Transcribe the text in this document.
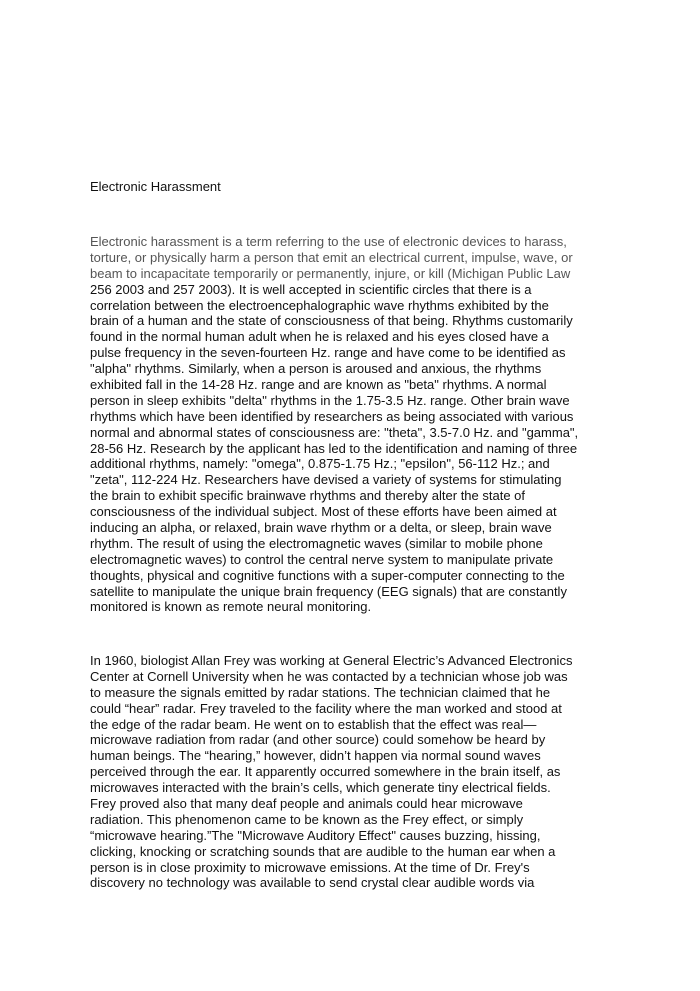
Electronic Harassment
Electronic harassment is a term referring to the use of electronic devices to harass,
torture, or physically harm a person that emit an electrical current, impulse, wave, or
beam to incapacitate temporarily or permanently, injure, or kill (Michigan Public Law
256 2003 and 257 2003). It is well accepted in scientific circles that there is a
correlation between the electroencephalographic wave rhythms exhibited by the
brain of a human and the state of consciousness of that being. Rhythms customarily
found in the normal human adult when he is relaxed and his eyes closed have a
pulse frequency in the seven-fourteen Hz. range and have come to be identified as
"alpha" rhythms. Similarly, when a person is aroused and anxious, the rhythms
exhibited fall in the 14-28 Hz. range and are known as "beta" rhythms. A normal
person in sleep exhibits "delta" rhythms in the 1.75-3.5 Hz. range. Other brain wave
rhythms which have been identified by researchers as being associated with various
normal and abnormal states of consciousness are: "theta", 3.5-7.0 Hz. and "gamma",
28-56 Hz. Research by the applicant has led to the identification and naming of three
additional rhythms, namely: "omega", 0.875-1.75 Hz.; "epsilon", 56-112 Hz.; and
"zeta", 112-224 Hz. Researchers have devised a variety of systems for stimulating
the brain to exhibit specific brainwave rhythms and thereby alter the state of
consciousness of the individual subject. Most of these efforts have been aimed at
inducing an alpha, or relaxed, brain wave rhythm or a delta, or sleep, brain wave
rhythm. The result of using the electromagnetic waves (similar to mobile phone
electromagnetic waves) to control the central nerve system to manipulate private
thoughts, physical and cognitive functions with a super-computer connecting to the
satellite to manipulate the unique brain frequency (EEG signals) that are constantly
monitored is known as remote neural monitoring.
In 1960, biologist Allan Frey was working at General Electric’s Advanced Electronics
Center at Cornell University when he was contacted by a technician whose job was
to measure the signals emitted by radar stations. The technician claimed that he
could “hear” radar. Frey traveled to the facility where the man worked and stood at
the edge of the radar beam. He went on to establish that the effect was real—
microwave radiation from radar (and other source) could somehow be heard by
human beings. The “hearing,” however, didn’t happen via normal sound waves
perceived through the ear. It apparently occurred somewhere in the brain itself, as
microwaves interacted with the brain’s cells, which generate tiny electrical fields.
Frey proved also that many deaf people and animals could hear microwave
radiation. This phenomenon came to be known as the Frey effect, or simply
“microwave hearing.”The "Microwave Auditory Effect" causes buzzing, hissing,
clicking, knocking or scratching sounds that are audible to the human ear when a
person is in close proximity to microwave emissions. At the time of Dr. Frey's
discovery no technology was available to send crystal clear audible words via
